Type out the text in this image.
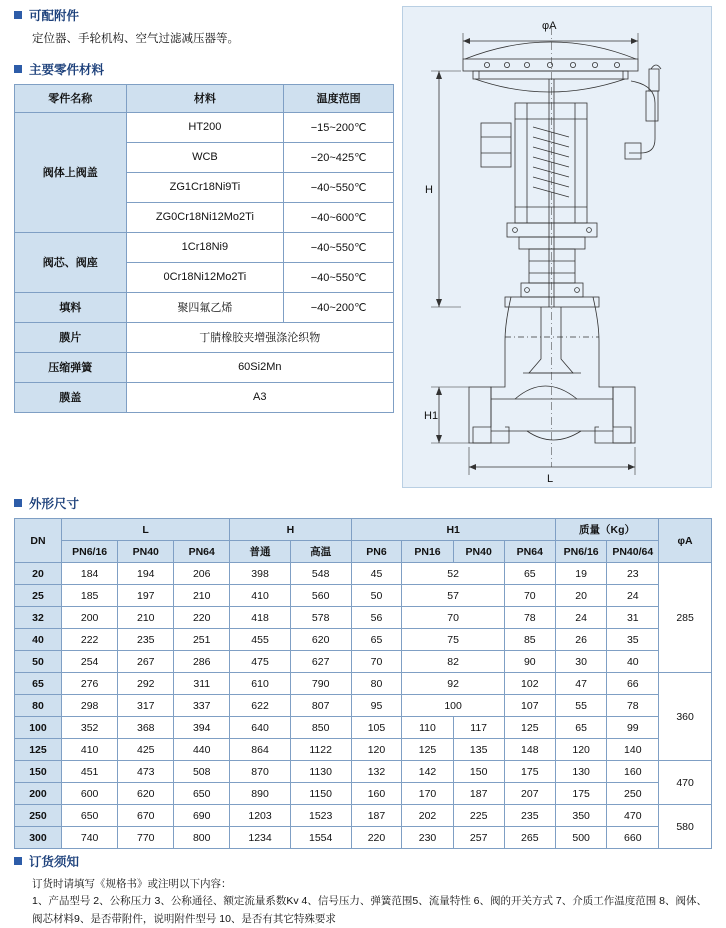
可配附件
定位器、手轮机构、空气过滤减压器等。
主要零件材料
零件名称	材料	温度范围
阀体上阀盖	HT200	−15~200℃
	WCB	−20~425℃
	ZG1Cr18Ni9Ti	−40~550℃
	ZG0Cr18Ni12Mo2Ti	−40~600℃
阀芯、阀座	1Cr18Ni9	−40~550℃
	0Cr18Ni12Mo2Ti	−40~550℃
填料	聚四氟乙烯	−40~200℃
膜片	丁腈橡胶夹增强涤沦织物	
压缩弹簧	60Si2Mn	
膜盖	A3	
φA
H
H1
L
外形尺寸
DN	L			H		H1				质量（Kg）		φA
	PN6/16	PN40	PN64	普通	高温	PN6	PN16	PN40	PN64	PN6/16	PN40/64	
20	184	194	206	398	548	45	52		65	19	23	285
25	185	197	210	410	560	50	57		70	20	24	
32	200	210	220	418	578	56	70		78	24	31	
40	222	235	251	455	620	65	75		85	26	35	
50	254	267	286	475	627	70	82		90	30	40	
65	276	292	311	610	790	80	92		102	47	66	360
80	298	317	337	622	807	95	100		107	55	78	
100	352	368	394	640	850	105	110	117	125	65	99	
125	410	425	440	864	1122	120	125	135	148	120	140	
150	451	473	508	870	1130	132	142	150	175	130	160	470
200	600	620	650	890	1150	160	170	187	207	175	250	
250	650	670	690	1203	1523	187	202	225	235	350	470	580
300	740	770	800	1234	1554	220	230	257	265	500	660	
订货须知
订货时请填写《规格书》或注明以下内容：
1、产品型号 2、公称压力 3、公称通径、额定流量系数Kv 4、信号压力、弹簧范围5、流量特性 6、阀的开关方式 7、介质工作温度范围 8、阀体、阀芯材料9、是否带附件，说明附件型号 10、是否有其它特殊要求
